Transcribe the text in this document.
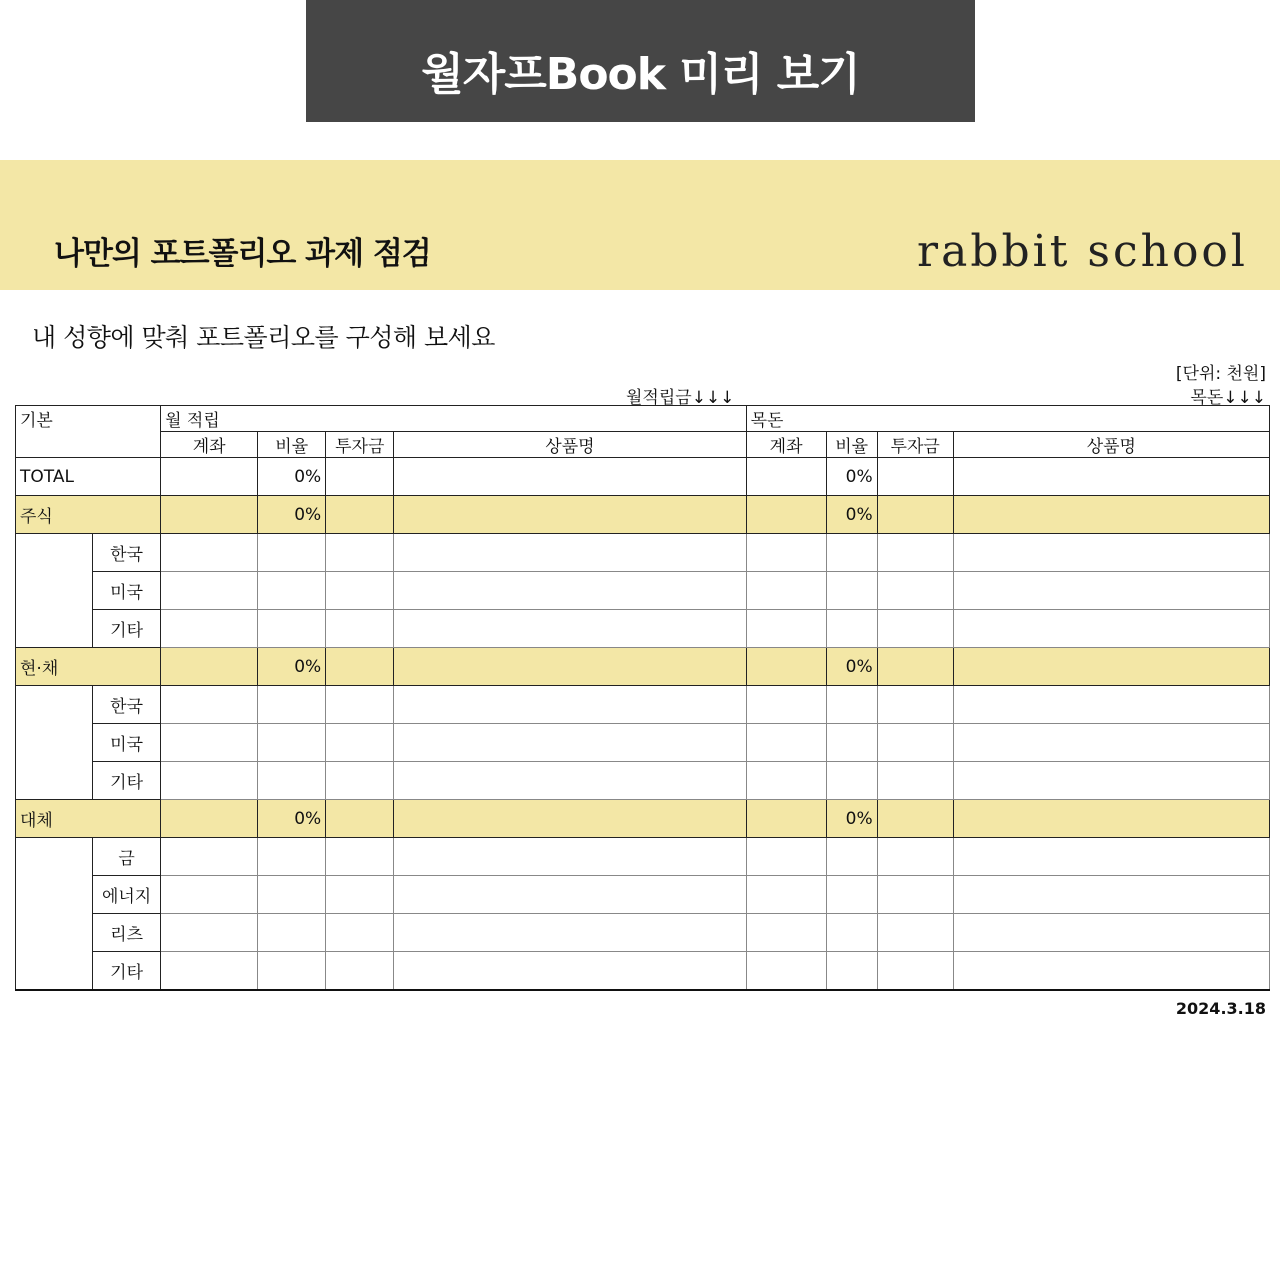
월자프Book 미리 보기
나만의 포트폴리오 과제 점검	rabbit school
내 성향에 맞춰 포트폴리오를 구성해 보세요
[단위: 천원]
월적립금↓↓↓	목돈↓↓↓
기본		월 적립				목돈			
		계좌	비율	투자금	상품명	계좌	비율	투자금	상품명
TOTAL			0%				0%		
주식			0%				0%		
	한국								
	미국								
	기타								
현·채			0%				0%		
	한국								
	미국								
	기타								
대체			0%				0%		
	금								
	에너지								
	리츠								
	기타								
2024.3.18
